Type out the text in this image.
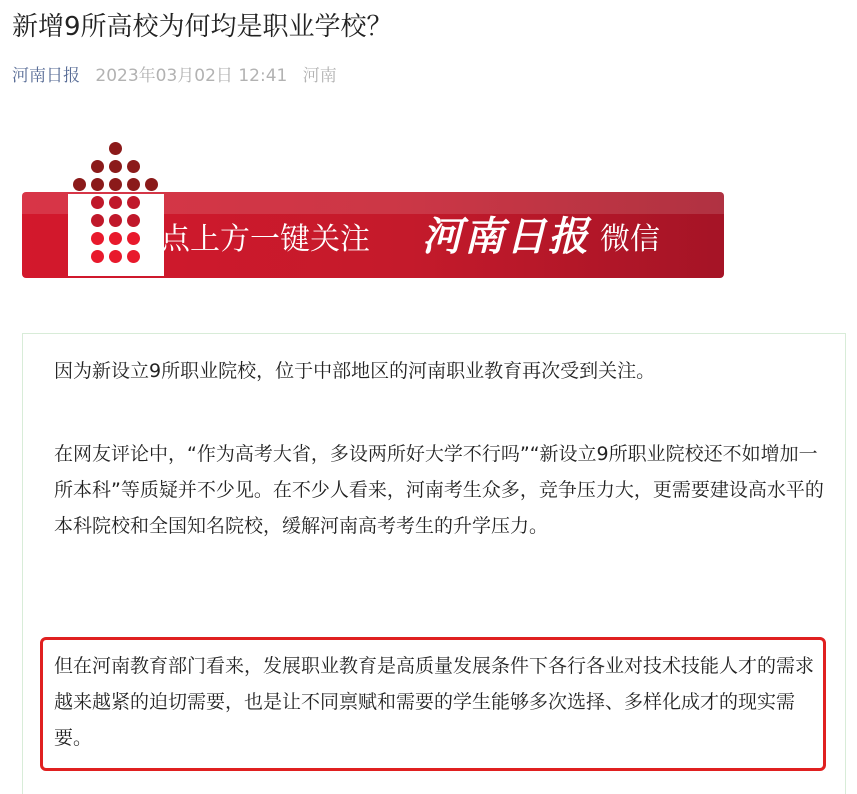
新增9所高校为何均是职业学校？
河南日报 2023年03月02日 12:41 河南
点上方一键关注 河南日报 微信

因为新设立9所职业院校，位于中部地区的河南职业教育再次受到关注。

在网友评论中，“作为高考大省，多设两所好大学不行吗”“新设立9所职业院校还不如增加一所本科”等质疑并不少见。在不少人看来，河南考生众多，竞争压力大，更需要建设高水平的本科院校和全国知名院校，缓解河南高考考生的升学压力。

但在河南教育部门看来，发展职业教育是高质量发展条件下各行各业对技术技能人才的需求越来越紧的迫切需要，也是让不同禀赋和需要的学生能够多次选择、多样化成才的现实需要。
